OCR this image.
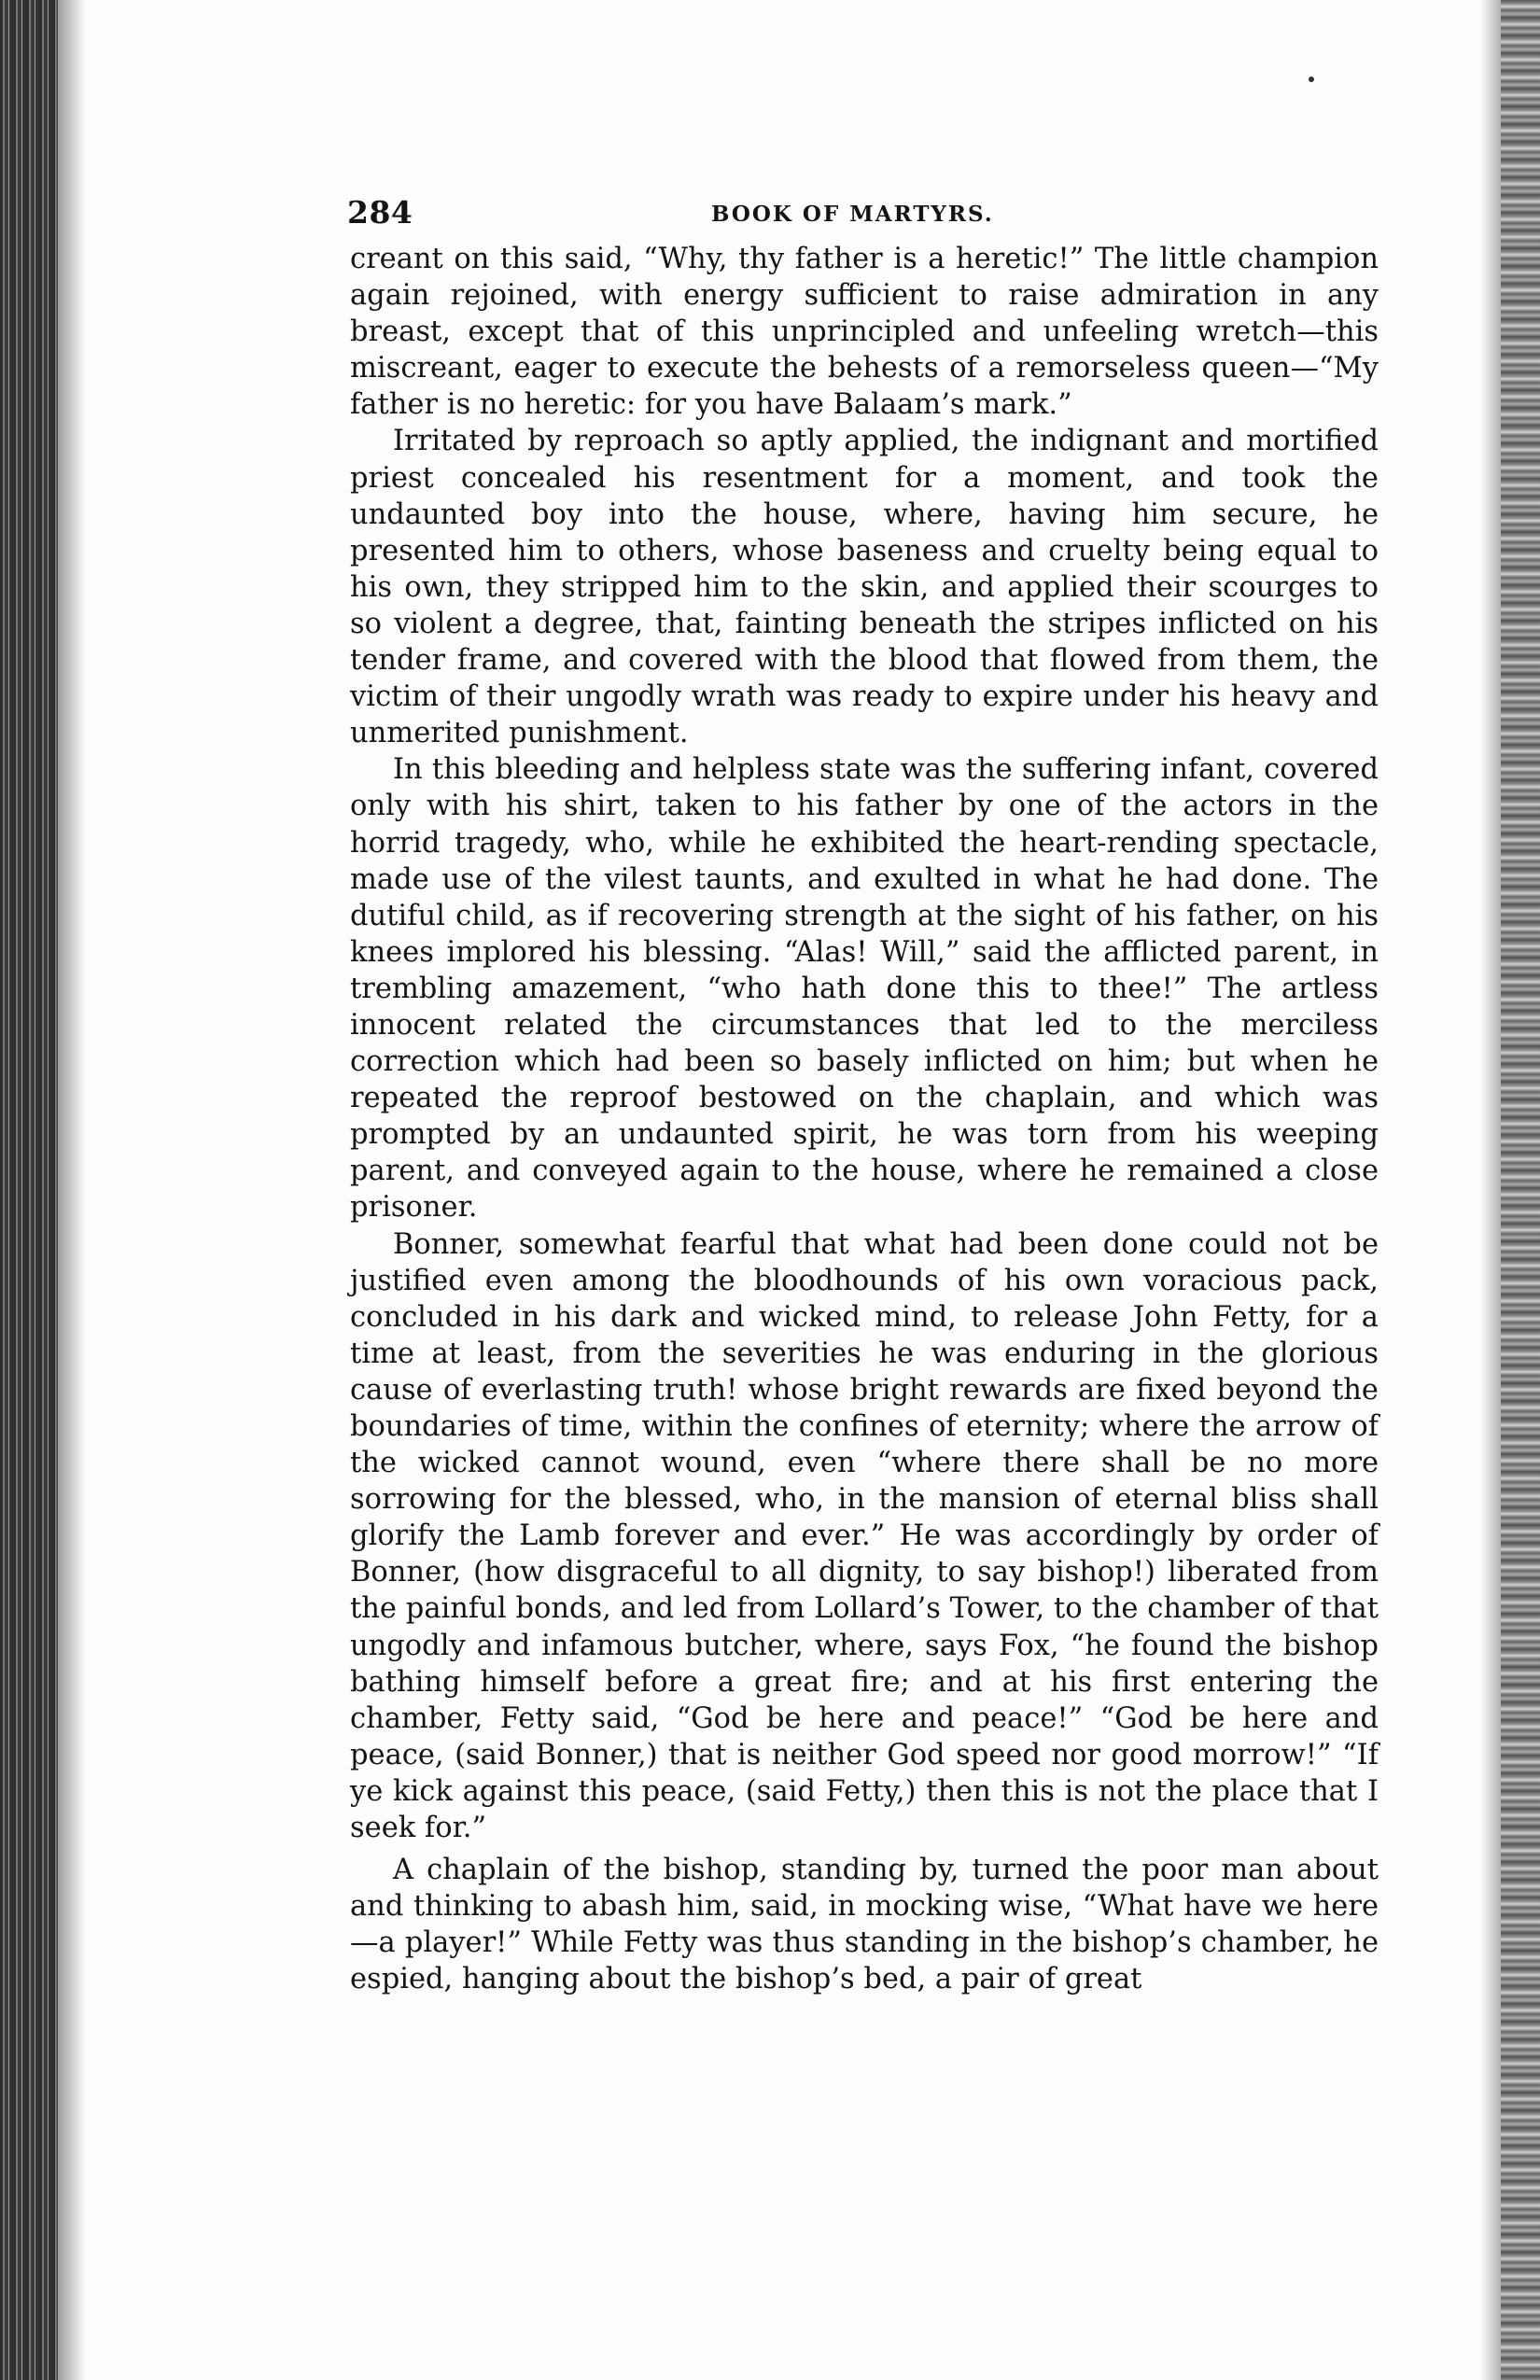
284	BOOK OF MARTYRS.

creant on this said, “Why, thy father is a heretic!” The little champion again rejoined, with energy sufficient to raise admiration in any breast, except that of this unprincipled and unfeeling wretch—this miscreant, eager to execute the behests of a remorseless queen—“My father is no heretic: for you have Balaam’s mark.”

Irritated by reproach so aptly applied, the indignant and mortified priest concealed his resentment for a moment, and took the undaunted boy into the house, where, having him secure, he presented him to others, whose baseness and cruelty being equal to his own, they stripped him to the skin, and applied their scourges to so violent a degree, that, fainting beneath the stripes inflicted on his tender frame, and covered with the blood that flowed from them, the victim of their ungodly wrath was ready to expire under his heavy and unmerited punishment.

In this bleeding and helpless state was the suffering infant, covered only with his shirt, taken to his father by one of the actors in the horrid tragedy, who, while he exhibited the heart-rending spectacle, made use of the vilest taunts, and exulted in what he had done. The dutiful child, as if recovering strength at the sight of his father, on his knees implored his blessing. “Alas! Will,” said the afflicted parent, in trembling amazement, “who hath done this to thee!” The artless innocent related the circumstances that led to the merciless correction which had been so basely inflicted on him; but when he repeated the reproof bestowed on the chaplain, and which was prompted by an undaunted spirit, he was torn from his weeping parent, and conveyed again to the house, where he remained a close prisoner.

Bonner, somewhat fearful that what had been done could not be justified even among the bloodhounds of his own voracious pack, concluded in his dark and wicked mind, to release John Fetty, for a time at least, from the severities he was enduring in the glorious cause of everlasting truth! whose bright rewards are fixed beyond the boundaries of time, within the confines of eternity; where the arrow of the wicked cannot wound, even “where there shall be no more sorrowing for the blessed, who, in the mansion of eternal bliss shall glorify the Lamb forever and ever.” He was accordingly by order of Bonner, (how disgraceful to all dignity, to say bishop!) liberated from the painful bonds, and led from Lollard’s Tower, to the chamber of that ungodly and infamous butcher, where, says Fox, “he found the bishop bathing himself before a great fire; and at his first entering the chamber, Fetty said, “God be here and peace!” “God be here and peace, (said Bonner,) that is neither God speed nor good morrow!” “If ye kick against this peace, (said Fetty,) then this is not the place that I seek for.”

A chaplain of the bishop, standing by, turned the poor man about and thinking to abash him, said, in mocking wise, “What have we here—a player!” While Fetty was thus standing in the bishop’s chamber, he espied, hanging about the bishop’s bed, a pair of great
